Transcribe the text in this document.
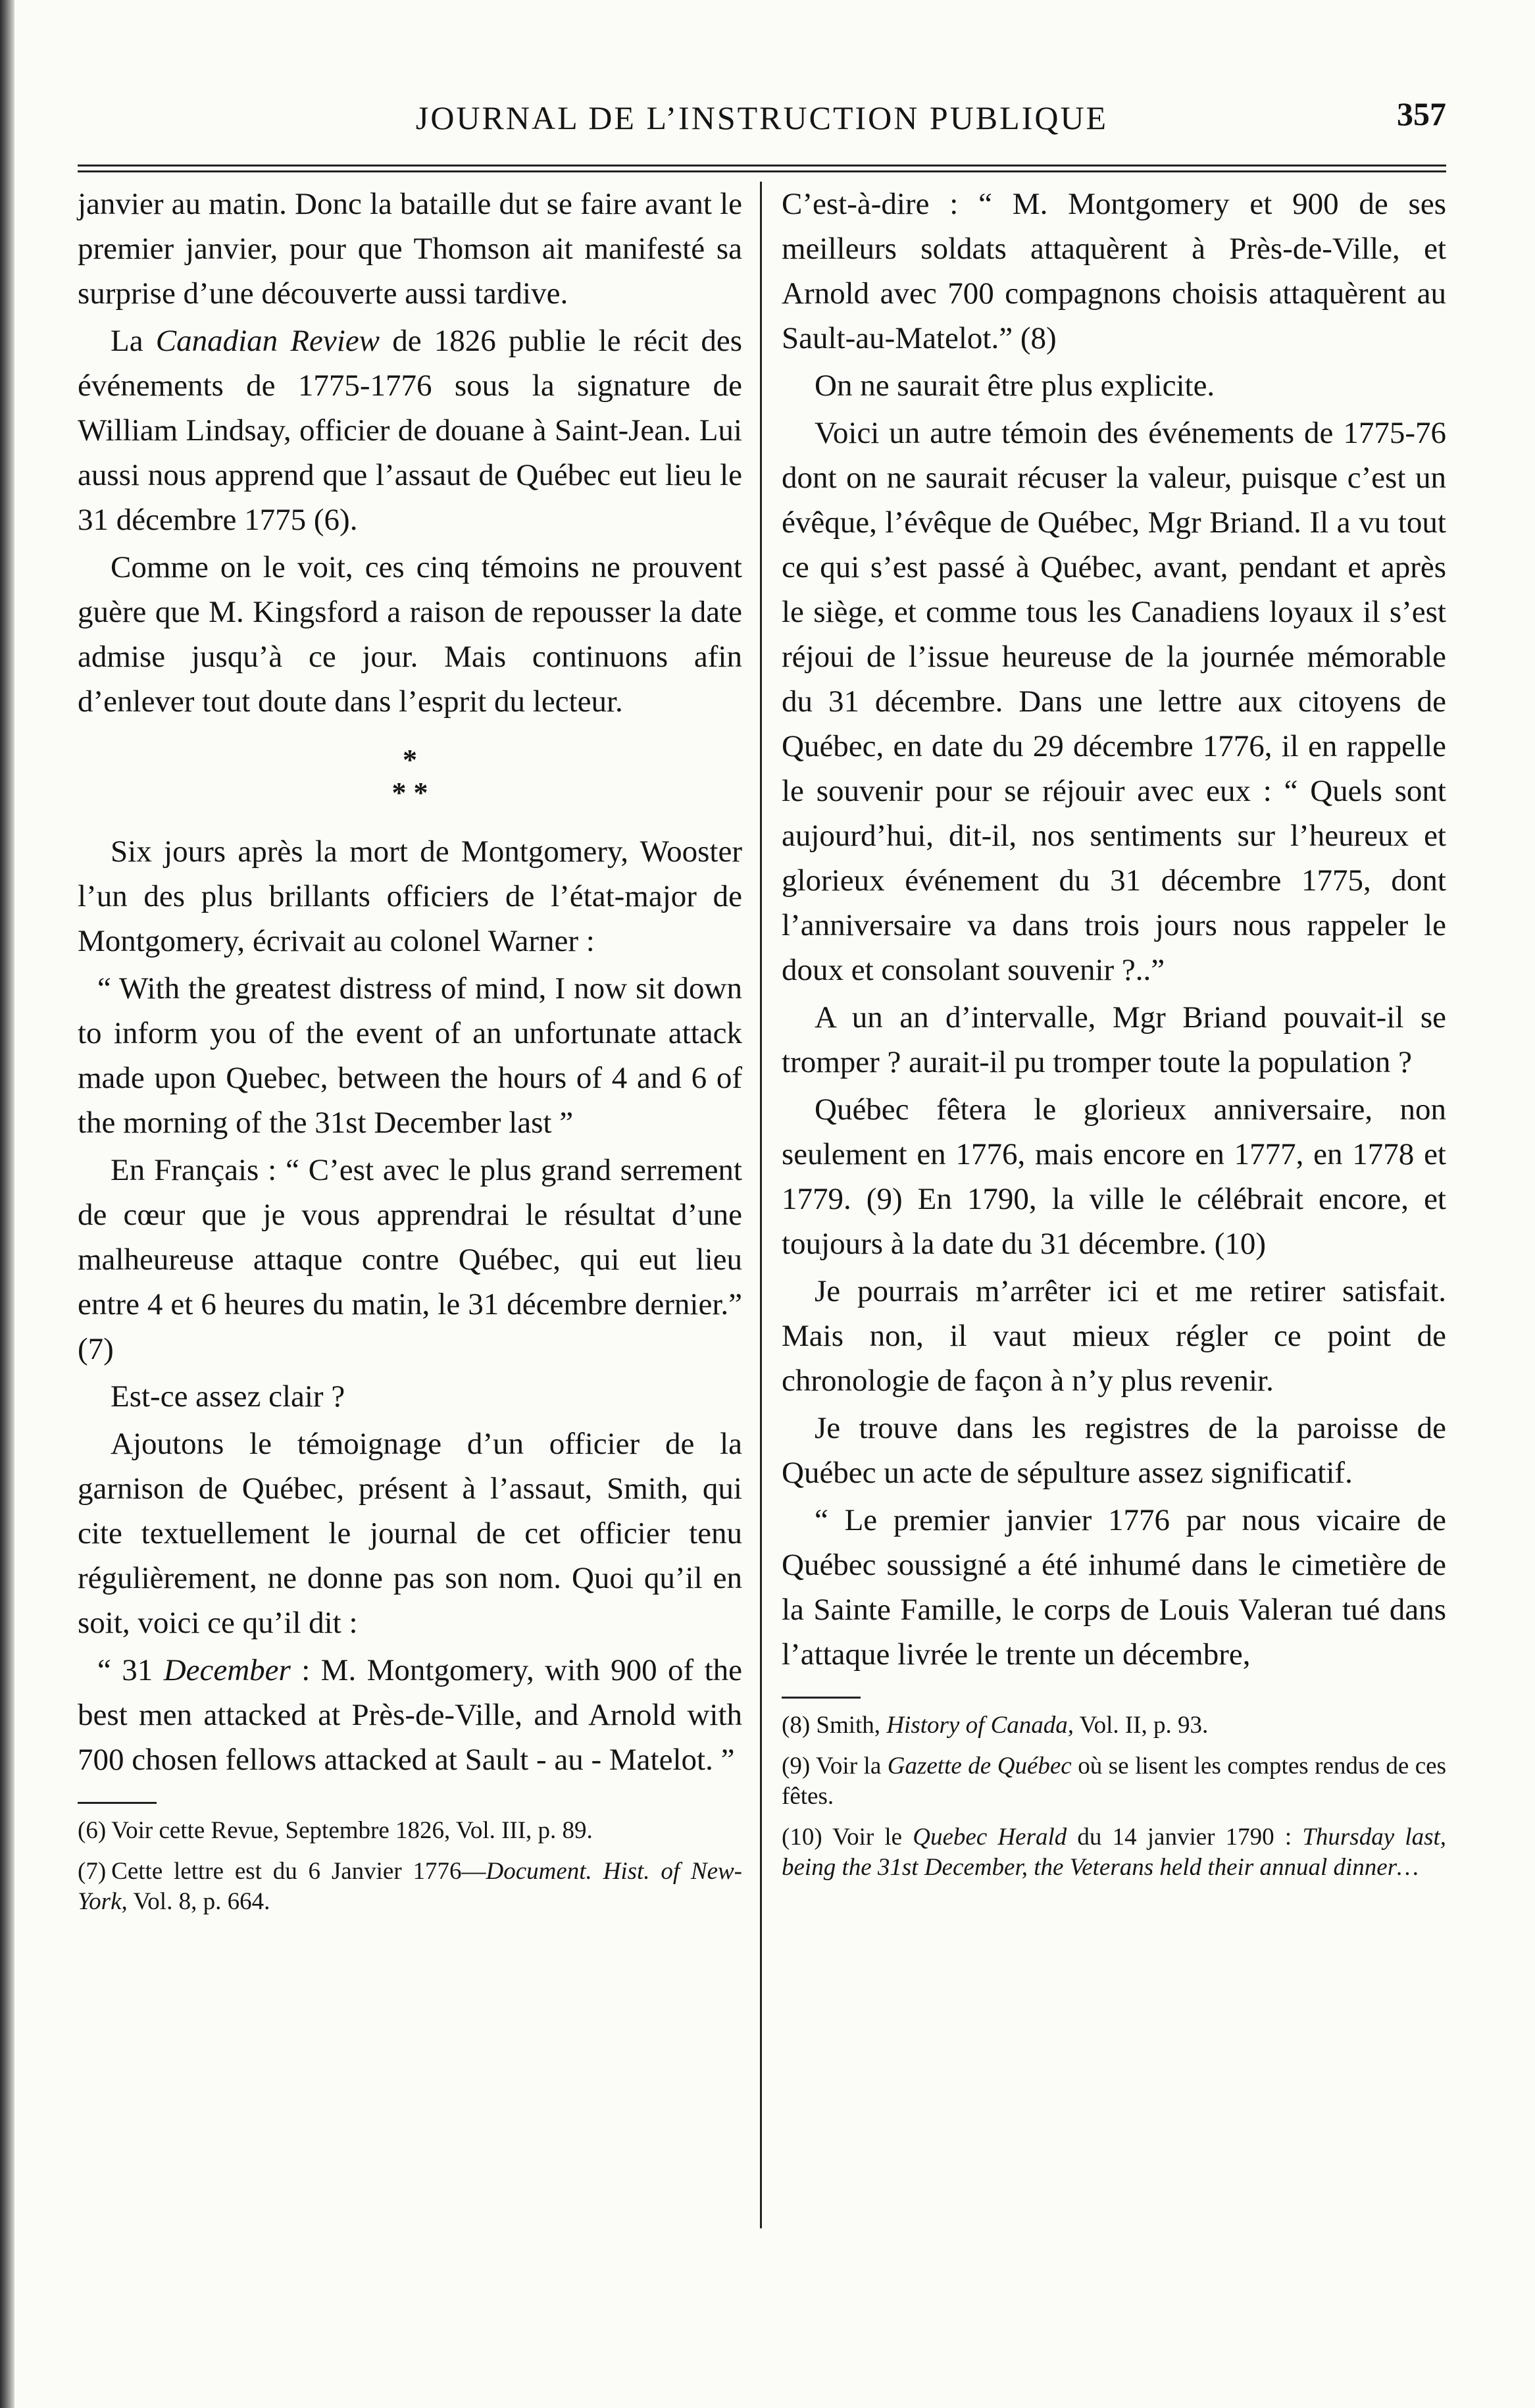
JOURNAL DE L’INSTRUCTION PUBLIQUE	357

janvier au matin. Donc la bataille dut se faire avant le premier janvier, pour que Thomson ait manifesté sa surprise d’une découverte aussi tardive.

La Canadian Review de 1826 publie le récit des événements de 1775-1776 sous la signature de William Lindsay, officier de douane à Saint-Jean. Lui aussi nous apprend que l’assaut de Québec eut lieu le 31 décembre 1775 (6).

Comme on le voit, ces cinq témoins ne prouvent guère que M. Kingsford a raison de repousser la date admise jusqu’à ce jour. Mais continuons afin d’enlever tout doute dans l’esprit du lecteur.

*
* *

Six jours après la mort de Montgomery, Wooster l’un des plus brillants officiers de l’état-major de Montgomery, écrivait au colonel Warner :

“ With the greatest distress of mind, I now sit down to inform you of the event of an unfortunate attack made upon Quebec, between the hours of 4 and 6 of the morning of the 31st December last ”

En Français : “ C’est avec le plus grand serrement de cœur que je vous apprendrai le résultat d’une malheureuse attaque contre Québec, qui eut lieu entre 4 et 6 heures du matin, le 31 décembre dernier.” (7)

Est-ce assez clair ?

Ajoutons le témoignage d’un officier de la garnison de Québec, présent à l’assaut, Smith, qui cite textuellement le journal de cet officier tenu régulièrement, ne donne pas son nom. Quoi qu’il en soit, voici ce qu’il dit :

“ 31 December : M. Montgomery, with 900 of the best men attacked at Près-de-Ville, and Arnold with 700 chosen fellows attacked at Sault - au - Matelot. ”

(6) Voir cette Revue, Septembre 1826, Vol. III, p. 89.
(7) Cette lettre est du 6 Janvier 1776—Document. Hist. of New-York, Vol. 8, p. 664.

C’est-à-dire : “ M. Montgomery et 900 de ses meilleurs soldats attaquèrent à Près-de-Ville, et Arnold avec 700 compagnons choisis attaquèrent au Sault-au-Matelot.” (8)

On ne saurait être plus explicite.

Voici un autre témoin des événements de 1775-76 dont on ne saurait récuser la valeur, puisque c’est un évêque, l’évêque de Québec, Mgr Briand. Il a vu tout ce qui s’est passé à Québec, avant, pendant et après le siège, et comme tous les Canadiens loyaux il s’est réjoui de l’issue heureuse de la journée mémorable du 31 décembre. Dans une lettre aux citoyens de Québec, en date du 29 décembre 1776, il en rappelle le souvenir pour se réjouir avec eux : “ Quels sont aujourd’hui, dit-il, nos sentiments sur l’heureux et glorieux événement du 31 décembre 1775, dont l’anniversaire va dans trois jours nous rappeler le doux et consolant souvenir ?..”

A un an d’intervalle, Mgr Briand pouvait-il se tromper ? aurait-il pu tromper toute la population ?

Québec fêtera le glorieux anniversaire, non seulement en 1776, mais encore en 1777, en 1778 et 1779. (9) En 1790, la ville le célébrait encore, et toujours à la date du 31 décembre. (10)

Je pourrais m’arrêter ici et me retirer satisfait. Mais non, il vaut mieux régler ce point de chronologie de façon à n’y plus revenir.

Je trouve dans les registres de la paroisse de Québec un acte de sépulture assez significatif.

“ Le premier janvier 1776 par nous vicaire de Québec soussigné a été inhumé dans le cimetière de la Sainte Famille, le corps de Louis Valeran tué dans l’attaque livrée le trente un décembre,

(8) Smith, History of Canada, Vol. II, p. 93.
(9) Voir la Gazette de Québec où se lisent les comptes rendus de ces fêtes.
(10) Voir le Quebec Herald du 14 janvier 1790 : Thursday last, being the 31st December, the Veterans held their annual dinner…
